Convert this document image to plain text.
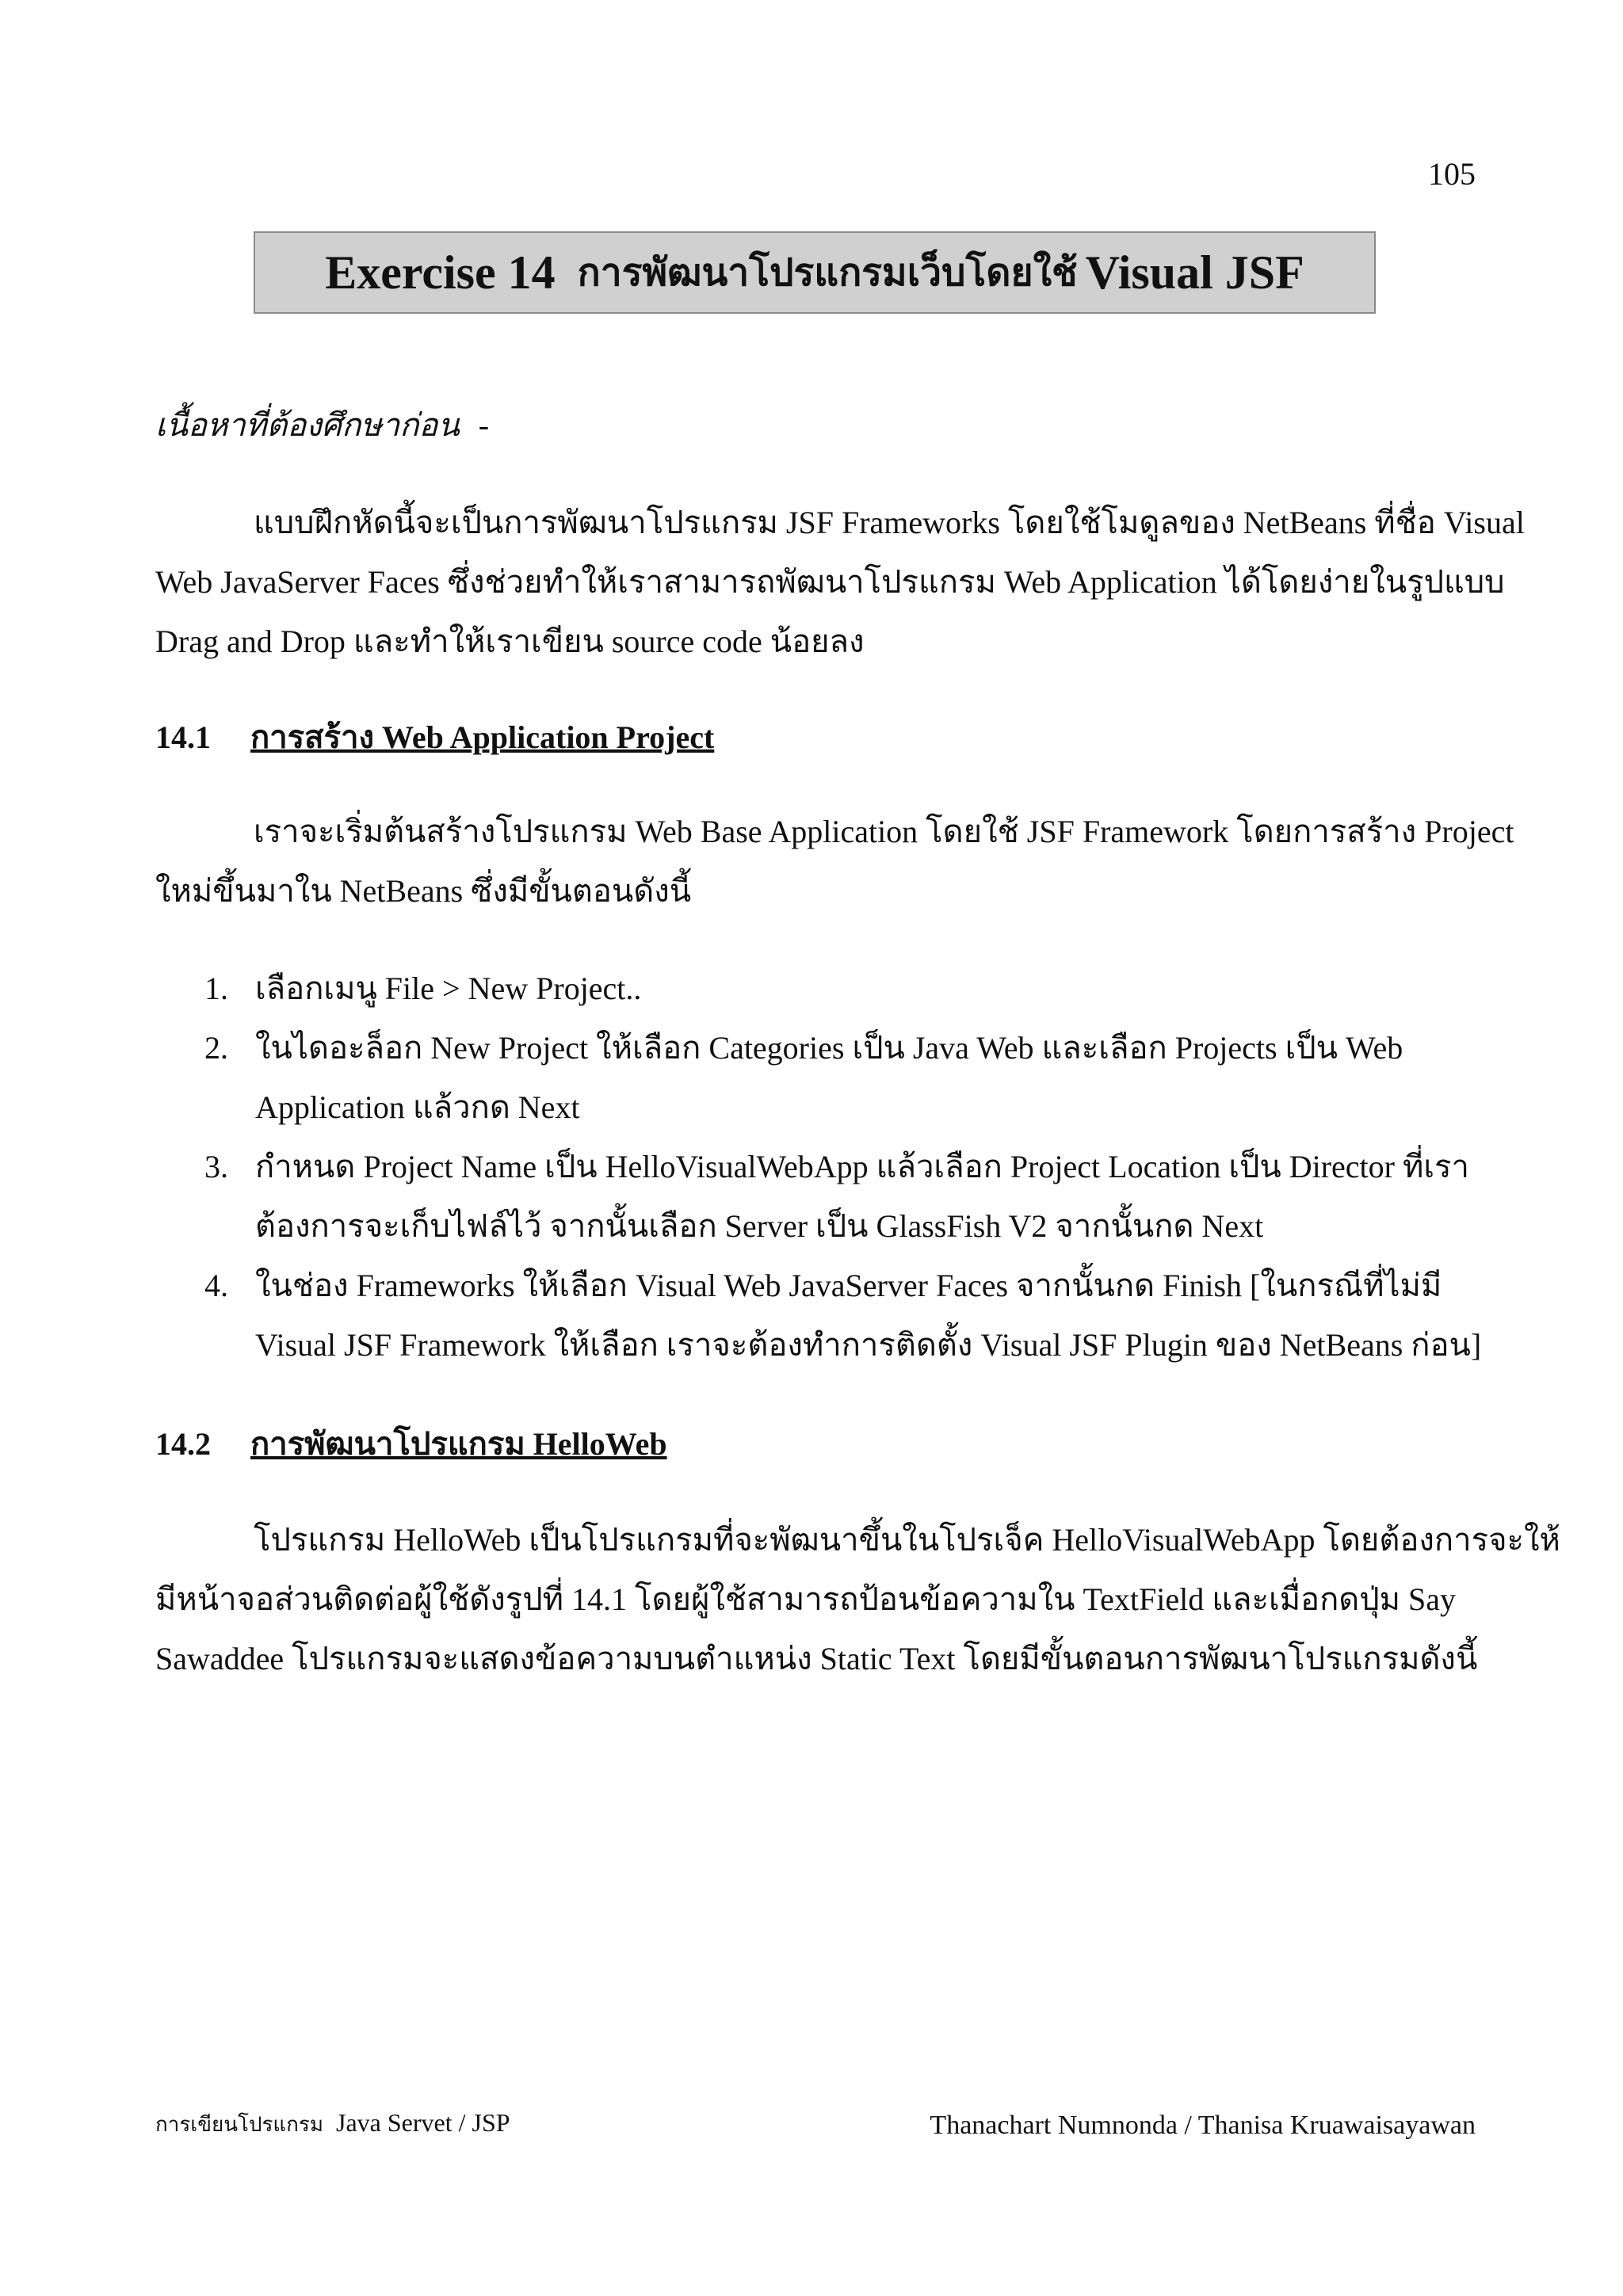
105
Exercise 14 การพัฒนาโปรแกรมเว็บโดยใช้ Visual JSF
เนื้อหาที่ต้องศึกษาก่อน -

แบบฝึกหัดนี้จะเป็นการพัฒนาโปรแกรม JSF Frameworks โดยใช้โมดูลของ NetBeans ที่ชื่อ Visual
Web JavaServer Faces ซึ่งช่วยทำให้เราสามารถพัฒนาโปรแกรม Web Application ได้โดยง่ายในรูปแบบ
Drag and Drop และทำให้เราเขียน source code น้อยลง

14.1 การสร้าง Web Application Project

เราจะเริ่มต้นสร้างโปรแกรม Web Base Application โดยใช้ JSF Framework โดยการสร้าง Project
ใหม่ขึ้นมาใน NetBeans ซึ่งมีขั้นตอนดังนี้

1. เลือกเมนู File > New Project..
2. ในไดอะล็อก New Project ให้เลือก Categories เป็น Java Web และเลือก Projects เป็น Web
Application แล้วกด Next
3. กำหนด Project Name เป็น HelloVisualWebApp แล้วเลือก Project Location เป็น Director ที่เรา
ต้องการจะเก็บไฟล์ไว้ จากนั้นเลือก Server เป็น GlassFish V2 จากนั้นกด Next
4. ในช่อง Frameworks ให้เลือก Visual Web JavaServer Faces จากนั้นกด Finish [ในกรณีที่ไม่มี
Visual JSF Framework ให้เลือก เราจะต้องทำการติดตั้ง Visual JSF Plugin ของ NetBeans ก่อน]
14.2 การพัฒนาโปรแกรม HelloWeb

โปรแกรม HelloWeb เป็นโปรแกรมที่จะพัฒนาขึ้นในโปรเจ็ค HelloVisualWebApp โดยต้องการจะให้
มีหน้าจอส่วนติดต่อผู้ใช้ดังรูปที่ 14.1 โดยผู้ใช้สามารถป้อนข้อความใน TextField และเมื่อกดปุ่ม Say
Sawaddee โปรแกรมจะแสดงข้อความบนตำแหน่ง Static Text โดยมีขั้นตอนการพัฒนาโปรแกรมดังนี้

การเขียนโปรแกรม Java Servet / JSP	Thanachart Numnonda / Thanisa Kruawaisayawan
